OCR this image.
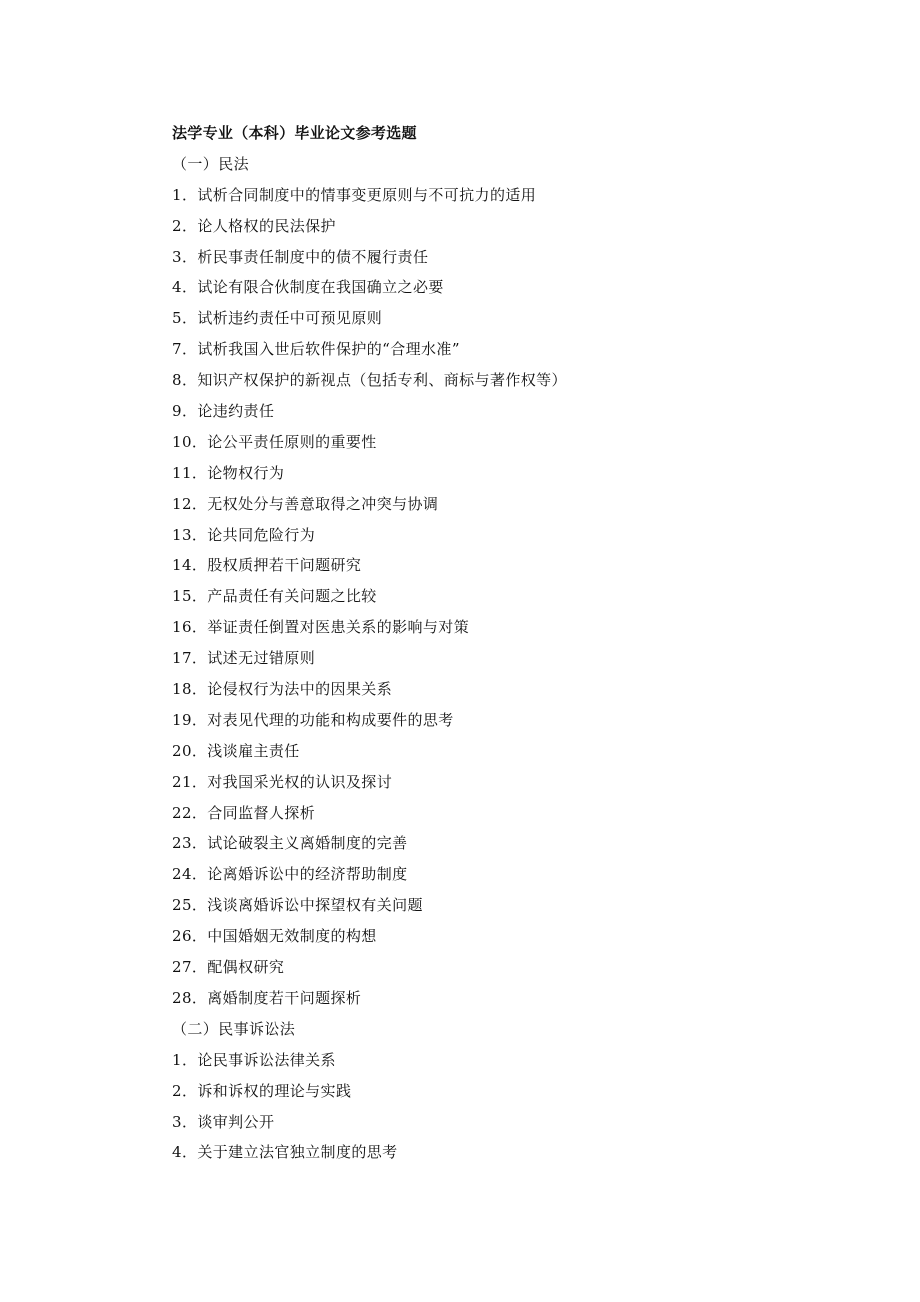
法学专业（本科）毕业论文参考选题
（一）民法
1．试析合同制度中的情事变更原则与不可抗力的适用
2．论人格权的民法保护
3．析民事责任制度中的债不履行责任
4．试论有限合伙制度在我国确立之必要
5．试析违约责任中可预见原则
7．试析我国入世后软件保护的“合理水准”
8．知识产权保护的新视点（包括专利、商标与著作权等）
9．论违约责任
10．论公平责任原则的重要性
11．论物权行为
12．无权处分与善意取得之冲突与协调
13．论共同危险行为
14．股权质押若干问题研究
15．产品责任有关问题之比较
16．举证责任倒置对医患关系的影响与对策
17．试述无过错原则
18．论侵权行为法中的因果关系
19．对表见代理的功能和构成要件的思考
20．浅谈雇主责任
21．对我国采光权的认识及探讨
22．合同监督人探析
23．试论破裂主义离婚制度的完善
24．论离婚诉讼中的经济帮助制度
25．浅谈离婚诉讼中探望权有关问题
26．中国婚姻无效制度的构想
27．配偶权研究
28．离婚制度若干问题探析
（二）民事诉讼法
1．论民事诉讼法律关系
2．诉和诉权的理论与实践
3．谈审判公开
4．关于建立法官独立制度的思考
